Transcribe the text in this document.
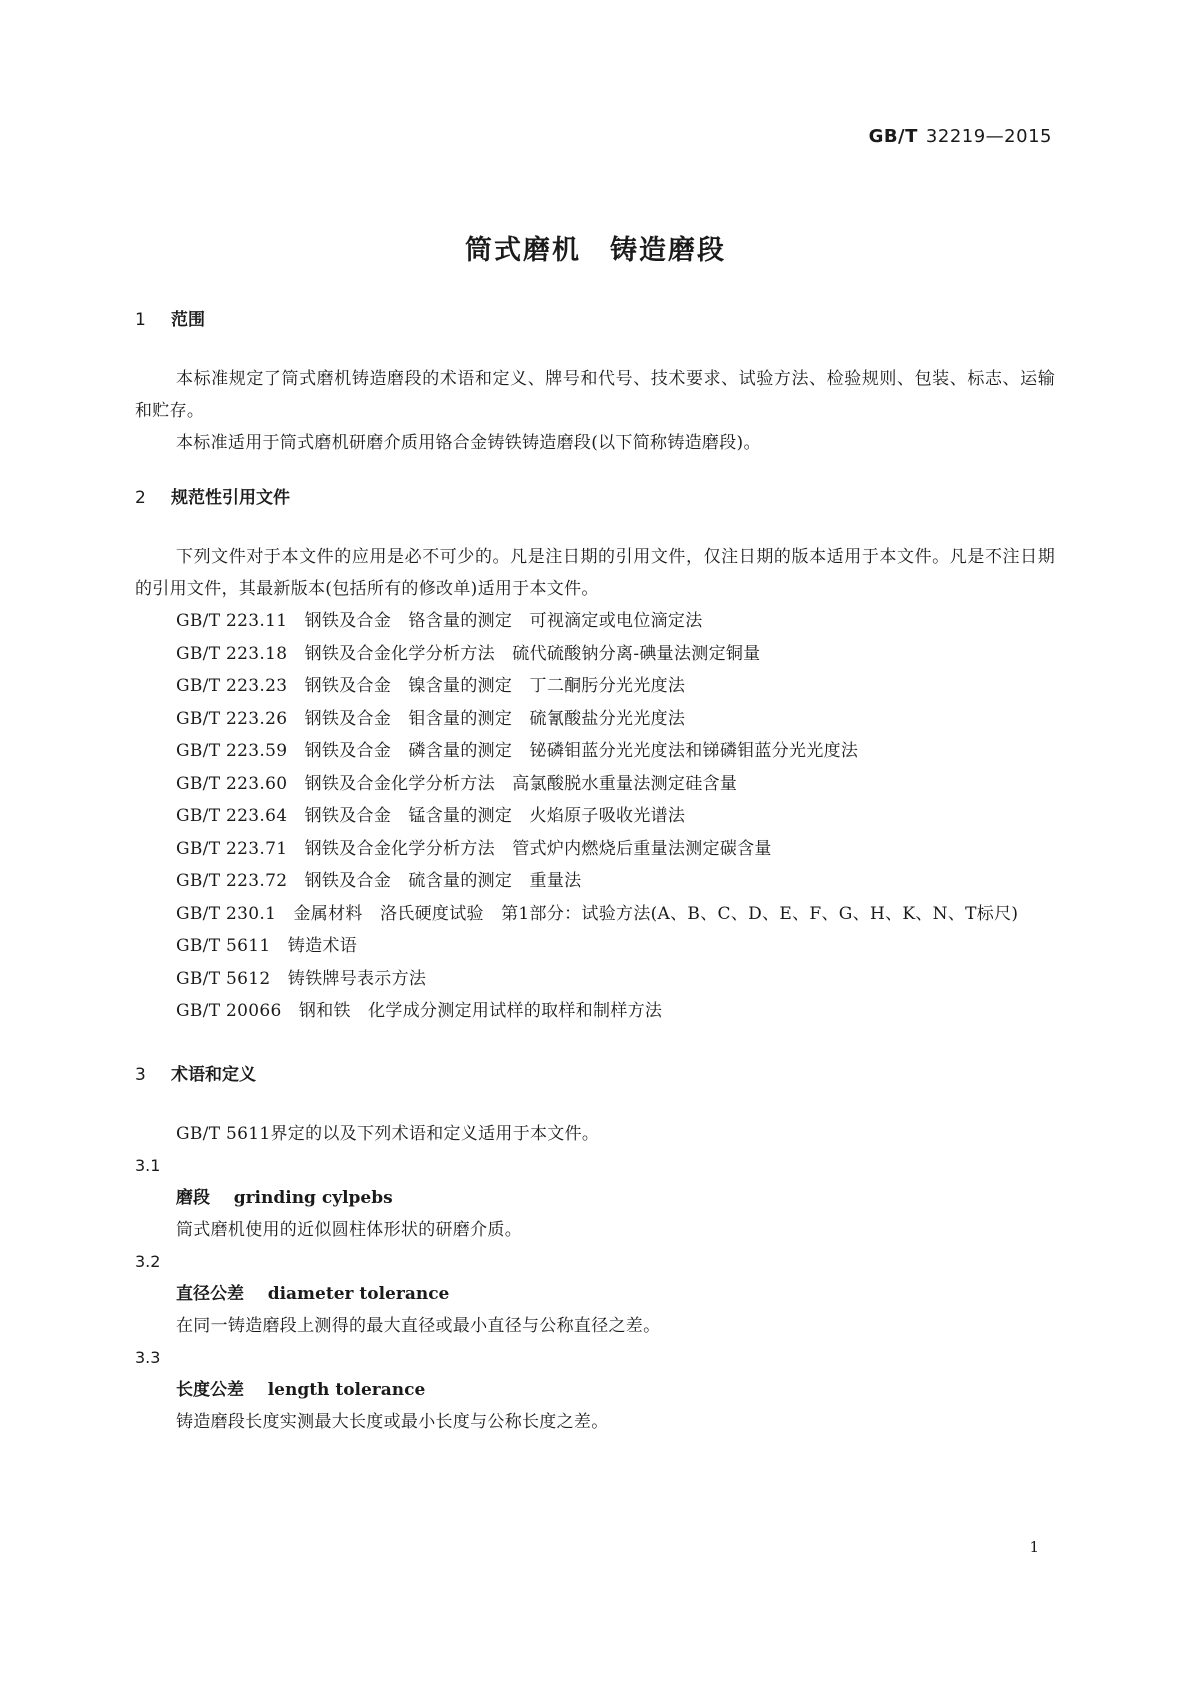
GB/T 32219—2015
筒式磨机　铸造磨段
1 范围
本标准规定了筒式磨机铸造磨段的术语和定义、牌号和代号、技术要求、试验方法、检验规则、包装、标志、运输和贮存。
本标准适用于筒式磨机研磨介质用铬合金铸铁铸造磨段(以下简称铸造磨段)。
2 规范性引用文件
下列文件对于本文件的应用是必不可少的。凡是注日期的引用文件，仅注日期的版本适用于本文件。凡是不注日期的引用文件，其最新版本(包括所有的修改单)适用于本文件。
GB/T 223.11　钢铁及合金　铬含量的测定　可视滴定或电位滴定法
GB/T 223.18　钢铁及合金化学分析方法　硫代硫酸钠分离-碘量法测定铜量
GB/T 223.23　钢铁及合金　镍含量的测定　丁二酮肟分光光度法
GB/T 223.26　钢铁及合金　钼含量的测定　硫氰酸盐分光光度法
GB/T 223.59　钢铁及合金　磷含量的测定　铋磷钼蓝分光光度法和锑磷钼蓝分光光度法
GB/T 223.60　钢铁及合金化学分析方法　高氯酸脱水重量法测定硅含量
GB/T 223.64　钢铁及合金　锰含量的测定　火焰原子吸收光谱法
GB/T 223.71　钢铁及合金化学分析方法　管式炉内燃烧后重量法测定碳含量
GB/T 223.72　钢铁及合金　硫含量的测定　重量法
GB/T 230.1　金属材料　洛氏硬度试验　第1部分：试验方法(A、B、C、D、E、F、G、H、K、N、T标尺)
GB/T 5611　铸造术语
GB/T 5612　铸铁牌号表示方法
GB/T 20066　钢和铁　化学成分测定用试样的取样和制样方法
3 术语和定义
GB/T 5611界定的以及下列术语和定义适用于本文件。
3.1
磨段 grinding cylpebs
筒式磨机使用的近似圆柱体形状的研磨介质。
3.2
直径公差 diameter tolerance
在同一铸造磨段上测得的最大直径或最小直径与公称直径之差。
3.3
长度公差 length tolerance
铸造磨段长度实测最大长度或最小长度与公称长度之差。
1
